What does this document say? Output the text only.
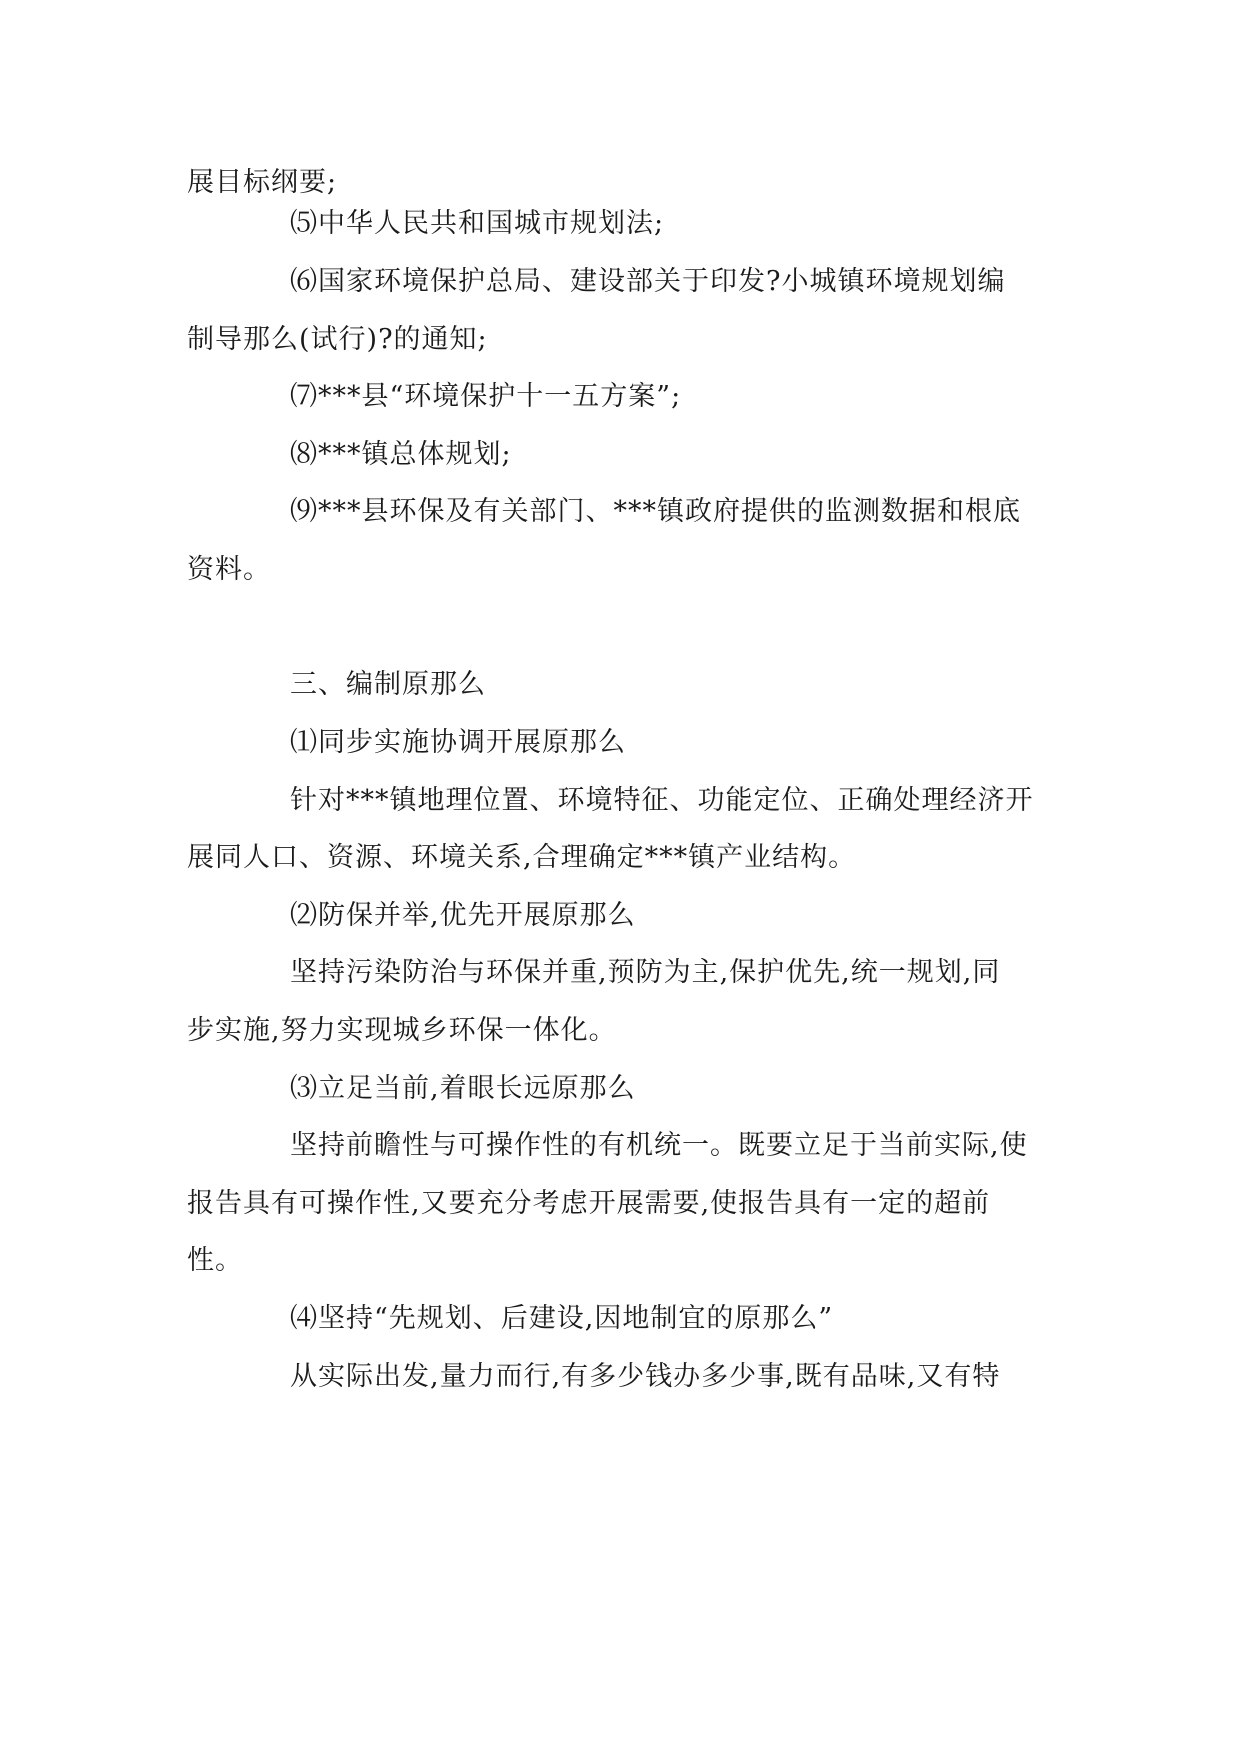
展目标纲要;

⑸中华人民共和国城市规划法;

⑹国家环境保护总局、建设部关于印发?小城镇环境规划编

制导那么(试行)?的通知;

⑺***县“环境保护十一五方案”;

⑻***镇总体规划;

⑼***县环保及有关部门、***镇政府提供的监测数据和根底

资料。

三、编制原那么

⑴同步实施协调开展原那么

针对***镇地理位置、环境特征、功能定位、正确处理经济开

展同人口、资源、环境关系,合理确定***镇产业结构。

⑵防保并举,优先开展原那么

坚持污染防治与环保并重,预防为主,保护优先,统一规划,同

步实施,努力实现城乡环保一体化。

⑶立足当前,着眼长远原那么

坚持前瞻性与可操作性的有机统一。既要立足于当前实际,使

报告具有可操作性,又要充分考虑开展需要,使报告具有一定的超前

性。

⑷坚持“先规划、后建设,因地制宜的原那么”

从实际出发,量力而行,有多少钱办多少事,既有品味,又有特
